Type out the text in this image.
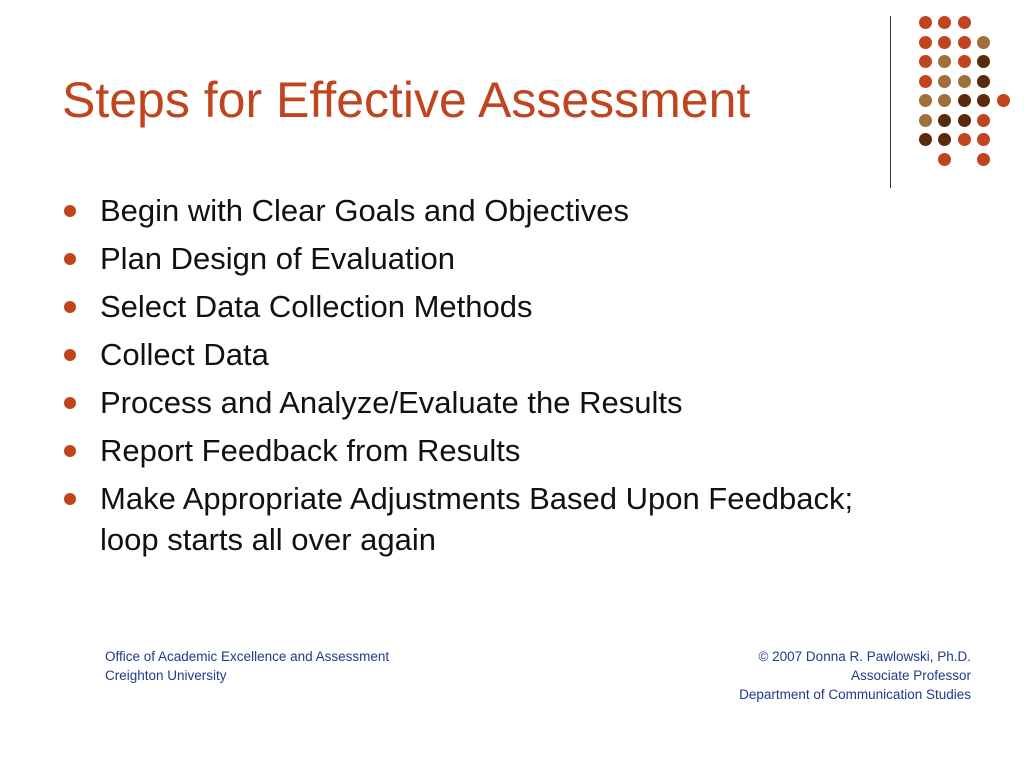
Steps for Effective Assessment
Begin with Clear Goals and Objectives
Plan Design of Evaluation
Select Data Collection Methods
Collect Data
Process and Analyze/Evaluate the Results
Report Feedback from Results
Make Appropriate Adjustments Based Upon Feedback; loop starts all over again
Office of Academic Excellence and Assessment
Creighton University
© 2007 Donna R. Pawlowski, Ph.D.
Associate Professor
Department of Communication Studies
